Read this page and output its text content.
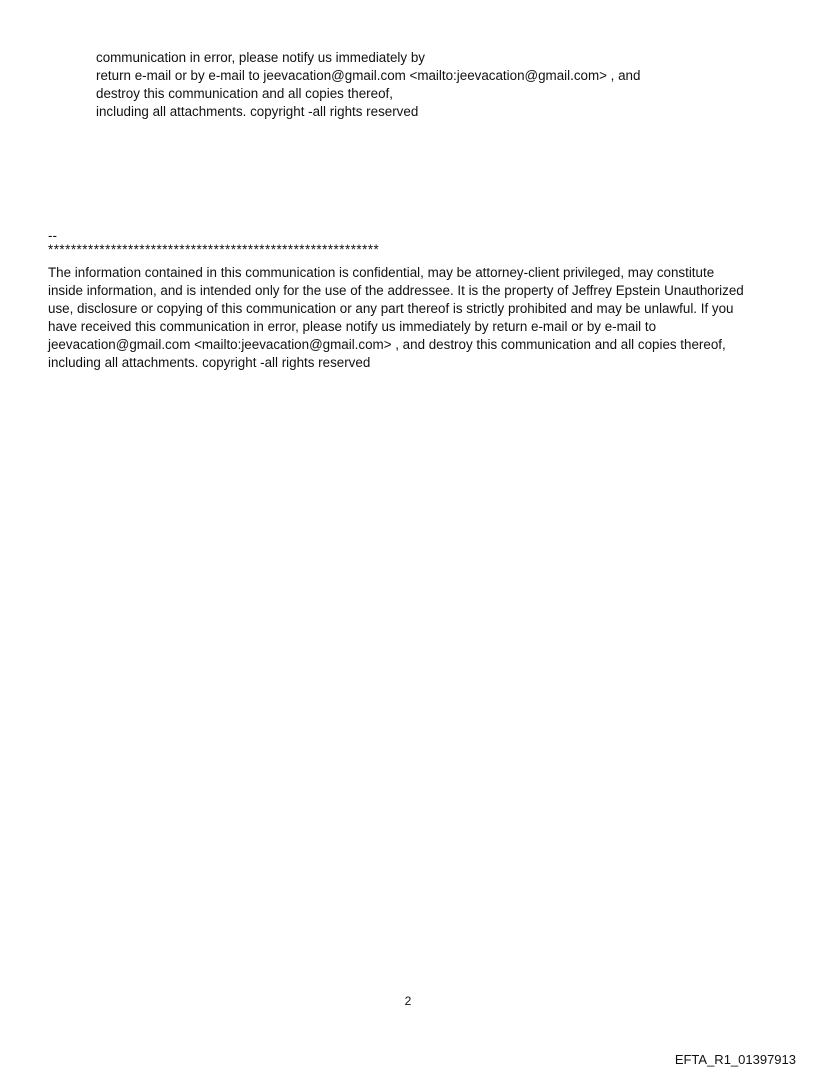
communication in error, please notify us immediately by
return e-mail or by e-mail to jeevacation@gmail.com <mailto:jeevacation@gmail.com> , and
destroy this communication and all copies thereof,
including all attachments. copyright -all rights reserved
--
**********************************************************
The information contained in this communication is confidential, may be attorney-client privileged, may constitute
inside information, and is intended only for the use of the addressee. It is the property of Jeffrey Epstein Unauthorized
use, disclosure or copying of this communication or any part thereof is strictly prohibited and may be unlawful. If you
have received this communication in error, please notify us immediately by return e-mail or by e-mail to
jeevacation@gmail.com <mailto:jeevacation@gmail.com> , and destroy this communication and all copies thereof,
including all attachments. copyright -all rights reserved
2
EFTA_R1_01397913
